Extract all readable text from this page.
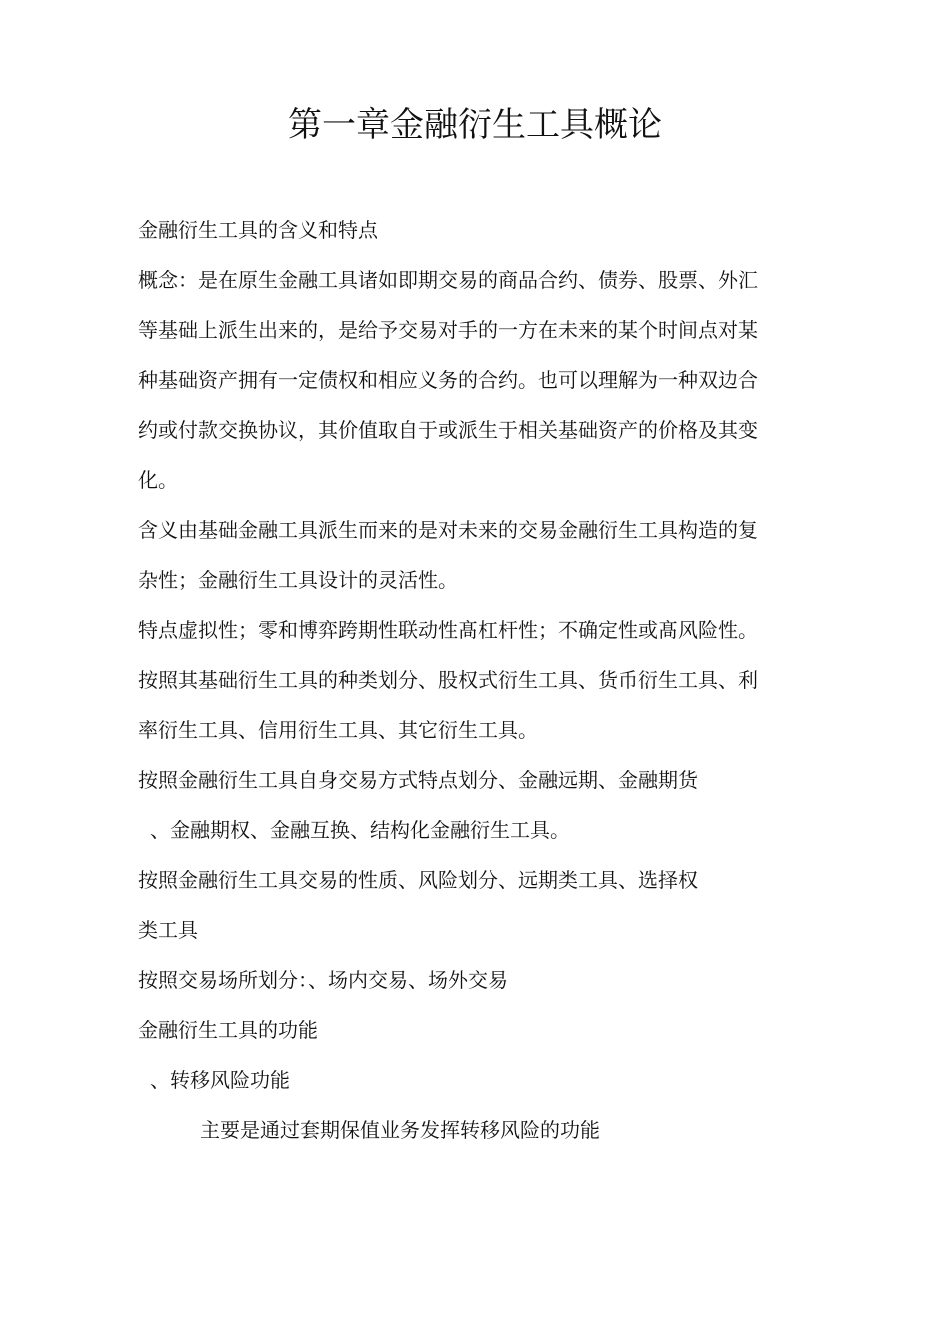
第一章金融衍生工具概论

金融衍生工具的含义和特点

概念：是在原生金融工具诸如即期交易的商品合约、债券、股票、外汇

等基础上派生出来的，是给予交易对手的一方在未来的某个时间点对某

种基础资产拥有一定债权和相应义务的合约。也可以理解为一种双边合

约或付款交换协议，其价值取自于或派生于相关基础资产的价格及其变

化。

含义由基础金融工具派生而来的是对未来的交易金融衍生工具构造的复

杂性；金融衍生工具设计的灵活性。

特点虚拟性；零和博弈跨期性联动性髙杠杆性；不确定性或髙风险性。

按照其基础衍生工具的种类划分、股权式衍生工具、货币衍生工具、利

率衍生工具、信用衍生工具、其它衍生工具。

按照金融衍生工具自身交易方式特点划分、金融远期、金融期货

、金融期权、金融互换、结构化金融衍生工具。

按照金融衍生工具交易的性质、风险划分、远期类工具、选择权

类工具

按照交易场所划分：、场内交易、场外交易

金融衍生工具的功能

、转移风险功能

主要是通过套期保值业务发挥转移风险的功能
